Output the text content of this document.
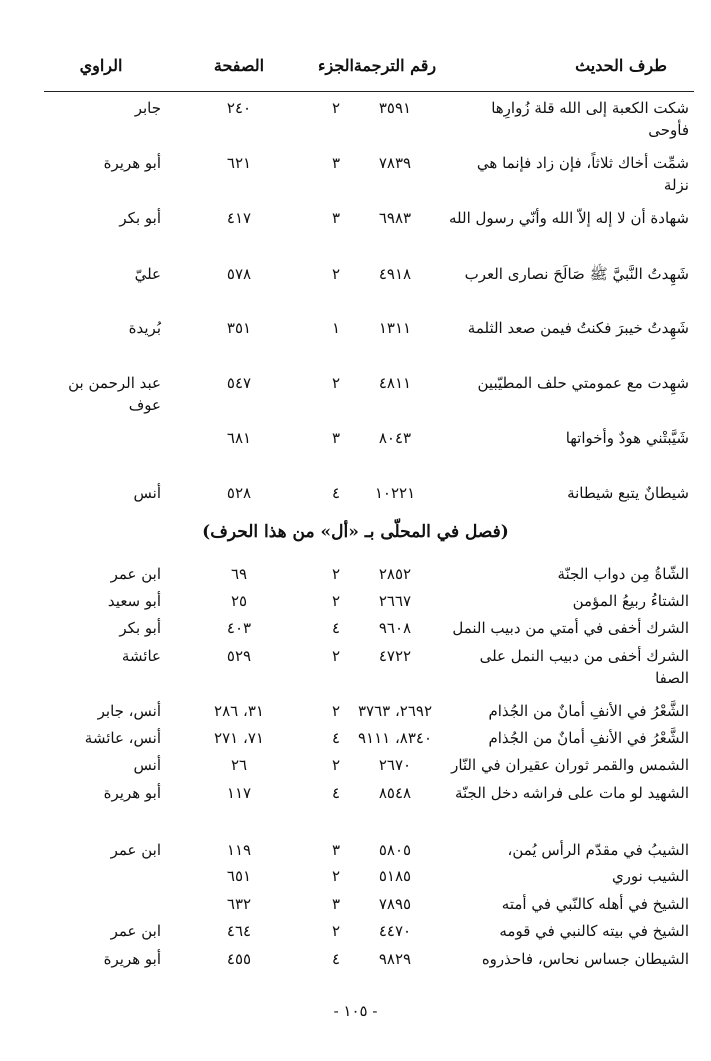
طرف الحديث
رقم الترجمة
الجزء
الصفحة
الراوي
شكت الكعبة إلى الله قلة زُوارِها فأوحى
٣٥٩١
٢
٢٤٠
جابر
شمِّت أخاك ثلاثاً، فإن زاد فإنما هي نزلة
٧٨٣٩
٣
٦٢١
أبو هريرة
شهادة أن لا إله إلاّ الله وأنّي رسول الله
٦٩٨٣
٣
٤١٧
أبو بكر
شَهِدتُ النَّبيَّ ﷺ صَالَحَ نصارى العرب
٤٩١٨
٢
٥٧٨
عليّ
شَهِدتُ خيبرَ فكنتُ فيمن صعد الثلمة
١٣١١
١
٣٥١
بُريدة
شهِدت مع عمومتي حلف المطيّبين
٤٨١١
٢
٥٤٧
عبد الرحمن بن عوف
شَيَّبتْني هودٌ وأخواتها
٨٠٤٣
٣
٦٨١
شيطانٌ يتبع شيطانة
١٠٢٢١
٤
٥٢٨
أنس
(فصل في المحلّى بـ «أل» من هذا الحرف)
الشّاةُ مِن دواب الجنّة
٢٨٥٢
٢
٦٩
ابن عمر
الشتاءُ ربيعُ المؤمن
٢٦٦٧
٢
٢٥
أبو سعيد
الشرك أخفى في أمتي من دبيب النمل
٩٦٠٨
٤
٤٠٣
أبو بكر
الشرك أخفى من دبيب النمل على الصفا
٤٧٢٢
٢
٥٢٩
عائشة
الشَّعْرُ في الأنفِ أمانٌ من الجُذام
٢٦٩٢، ٣٧٦٣
٢
٣١، ٢٨٦
أنس، جابر
الشَّعْرُ في الأنفِ أمانٌ من الجُذام
٨٣٤٠، ٩١١١
٤
٧١، ٢٧١
أنس، عائشة
الشمس والقمر ثوران عقيران في النّار
٢٦٧٠
٢
٢٦
أنس
الشهيد لو مات على فراشه دخل الجنّة
٨٥٤٨
٤
١١٧
أبو هريرة
الشيبُ في مقدّم الرأس يُمن،
٥٨٠٥
٣
١١٩
ابن عمر
الشيب نوري
٥١٨٥
٢
٦٥١
الشيخ في أهله كالنّبي في أمته
٧٨٩٥
٣
٦٣٢
الشيخ في بيته كالنبي في قومه
٤٤٧٠
٢
٤٦٤
ابن عمر
الشيطان جساس نحاس، فاحذروه
٩٨٢٩
٤
٤٥٥
أبو هريرة
- ١٠٥ -
